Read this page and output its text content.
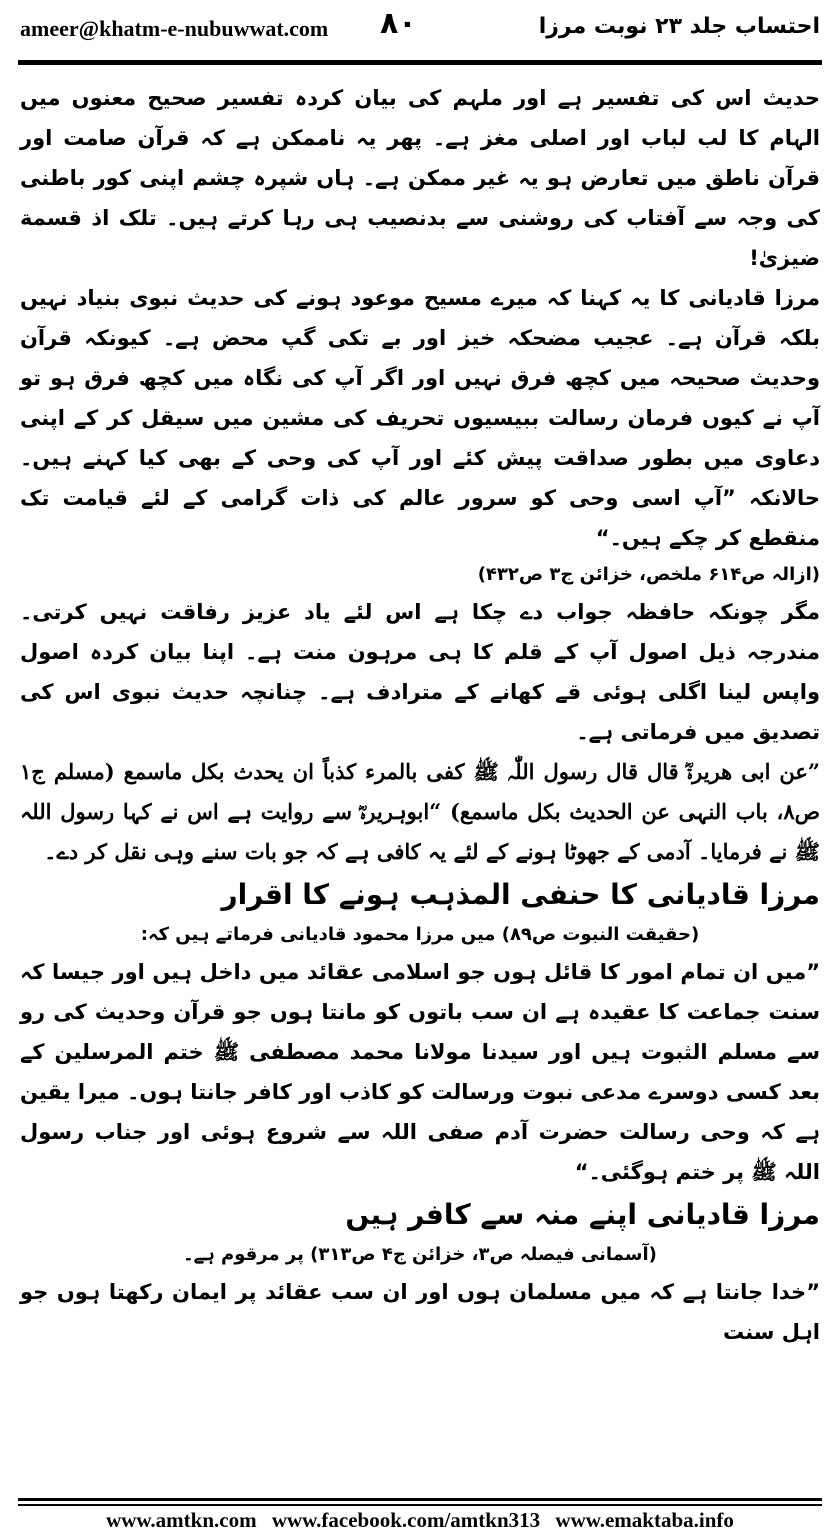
ameer@khatm-e-nubuwwat.com ۸۰	احتساب جلد ۲۳ نوبت مرزا

حدیث اس کی تفسیر ہے اور ملہم کی بیان کردہ تفسیر صحیح معنوں میں الہام کا لب لباب اور اصلی مغز ہے۔ پھر یہ ناممکن ہے کہ قرآن صامت اور قرآن ناطق میں تعارض ہو یہ غیر ممکن ہے۔ ہاں شپرہ چشم اپنی کور باطنی کی وجہ سے آفتاب کی روشنی سے بدنصیب ہی رہا کرتے ہیں۔ تلک اذ قسمة ضیزیٰ!

مرزا قادیانی کا یہ کہنا کہ میرے مسیح موعود ہونے کی حدیث نبوی بنیاد نہیں بلکہ قرآن ہے۔ عجیب مضحکہ خیز اور بے تکی گپ محض ہے۔ کیونکہ قرآن وحدیث صحیحہ میں کچھ فرق نہیں اور اگر آپ کی نگاہ میں کچھ فرق ہو تو آپ نے کیوں فرمان رسالت ببیسیوں تحریف کی مشین میں سیقل کر کے اپنی دعاوی میں بطور صداقت پیش کئے اور آپ کی وحی کے بھی کیا کہنے ہیں۔ حالانکہ ”آپ اسی وحی کو سرور عالم کی ذات گرامی کے لئے قیامت تک منقطع کر چکے ہیں۔“

(ازالہ ص۶۱۴ ملخص، خزائن ج۳ ص۴۳۲)

مگر چونکہ حافظہ جواب دے چکا ہے اس لئے یاد عزیز رفاقت نہیں کرتی۔ مندرجہ ذیل اصول آپ کے قلم کا ہی مرہون منت ہے۔ اپنا بیان کردہ اصول واپس لینا اگلی ہوئی قے کھانے کے مترادف ہے۔ چنانچہ حدیث نبوی اس کی تصدیق میں فرماتی ہے۔

”عن ابی ھریرةؓ قال قال رسول اللّٰہ ﷺ کفی بالمرء کذباً ان یحدث بکل ماسمع (مسلم ج۱ ص۸، باب النہی عن الحدیث بکل ماسمع) “ابوہریرہؓ سے روایت ہے اس نے کہا رسول اللہ ﷺ نے فرمایا۔ آدمی کے جھوٹا ہونے کے لئے یہ کافی ہے کہ جو بات سنے وہی نقل کر دے۔

مرزا قادیانی کا حنفی المذہب ہونے کا اقرار

(حقیقت النبوت ص۸۹) میں مرزا محمود قادیانی فرماتے ہیں کہ:

”میں ان تمام امور کا قائل ہوں جو اسلامی عقائد میں داخل ہیں اور جیسا کہ سنت جماعت کا عقیدہ ہے ان سب باتوں کو مانتا ہوں جو قرآن وحدیث کی رو سے مسلم الثبوت ہیں اور سیدنا مولانا محمد مصطفی ﷺ ختم المرسلین کے بعد کسی دوسرے مدعی نبوت ورسالت کو کاذب اور کافر جانتا ہوں۔ میرا یقین ہے کہ وحی رسالت حضرت آدم صفی اللہ سے شروع ہوئی اور جناب رسول اللہ ﷺ پر ختم ہوگئی۔“

مرزا قادیانی اپنے منہ سے کافر ہیں

(آسمانی فیصلہ ص۳، خزائن ج۴ ص۳۱۳) پر مرقوم ہے۔

”خدا جانتا ہے کہ میں مسلمان ہوں اور ان سب عقائد پر ایمان رکھتا ہوں جو اہل سنت

www.amtkn.com www.facebook.com/amtkn313 www.emaktaba.info
